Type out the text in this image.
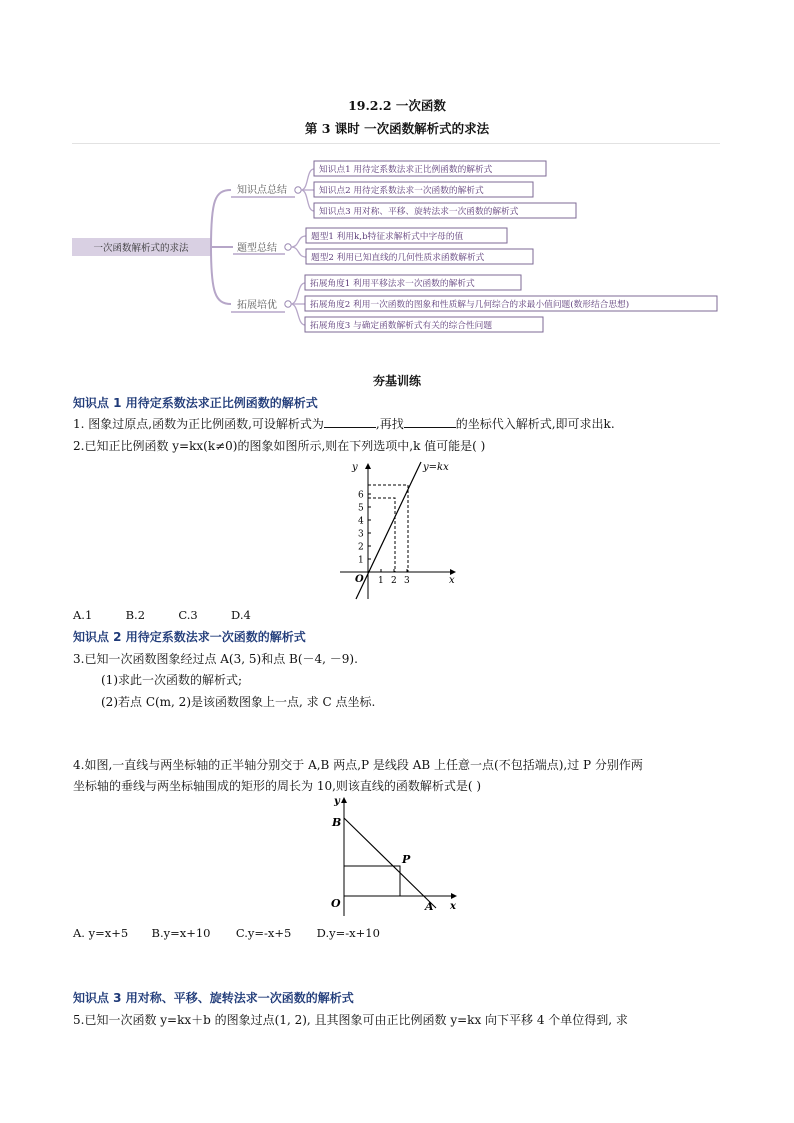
19.2.2 一次函数
第 3 课时 一次函数解析式的求法
一次函数解析式的求法
知识点总结
题型总结
拓展培优
知识点1 用待定系数法求正比例函数的解析式
知识点2 用待定系数法求一次函数的解析式
知识点3 用对称、平移、旋转法求一次函数的解析式
题型1 利用k,b特征求解析式中字母的值
题型2 利用已知直线的几何性质求函数解析式
拓展角度1 利用平移法求一次函数的解析式
拓展角度2 利用一次函数的图象和性质解与几何综合的求最小值问题(数形结合思想)
拓展角度3 与确定函数解析式有关的综合性问题
夯基训练
知识点 1 用待定系数法求正比例函数的解析式
1. 图象过原点,函数为正比例函数,可设解析式为	,再找	的坐标代入解析式,即可求出k.
2.已知正比例函数 y=kx(k≠0)的图象如图所示,则在下列选项中,k 值可能是( )
x
y
O 1 2 3
1
2
3
4
5
6
y=kx
A.1	B.2	C.3	D.4
知识点 2 用待定系数法求一次函数的解析式
3.已知一次函数图象经过点 A(3, 5)和点 B(－4, －9).
(1)求此一次函数的解析式;
(2)若点 C(m, 2)是该函数图象上一点, 求 C 点坐标.
4.如图,一直线与两坐标轴的正半轴分别交于 A,B 两点,P 是线段 AB 上任意一点(不包括端点),过 P 分别作两
坐标轴的垂线与两坐标轴围成的矩形的周长为 10,则该直线的函数解析式是( )
y
x
B
P
O	A
A. y=x+5 B.y=x+10 C.y=-x+5 D.y=-x+10
知识点 3 用对称、平移、旋转法求一次函数的解析式
5.已知一次函数 y=kx＋b 的图象过点(1, 2), 且其图象可由正比例函数 y=kx 向下平移 4 个单位得到, 求
